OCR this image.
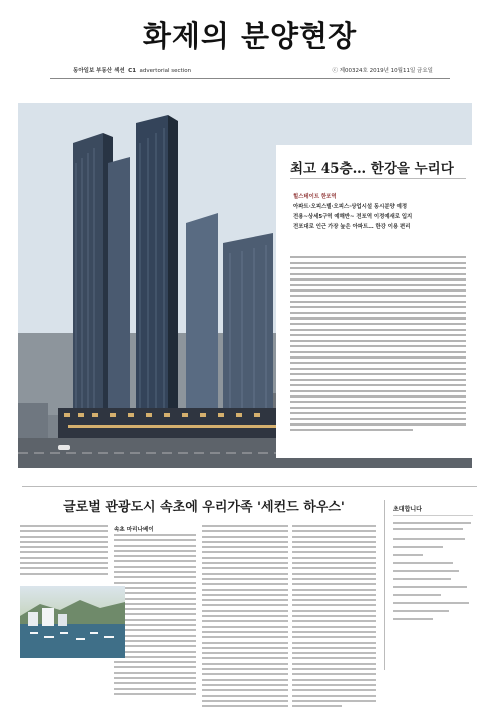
화제의 분양현장
동아일보 부동산 섹션 C1 advertorial section	ⓒ 제00324호 2019년 10월11일 금요일
최고 45층… 한강을 누리다
힐스테이트 한포역
아파트·오피스텔·오피스·상업시설 동시분양 예정
전용~상세5구역 예해반~ 전포역 이정예새로 입지
전포대로 인근 가장 높은 아파트… 한강 이용 편리
글로벌 관광도시 속초에 우리가족 '세컨드 하우스'
속초 마리나베이
초대합니다
